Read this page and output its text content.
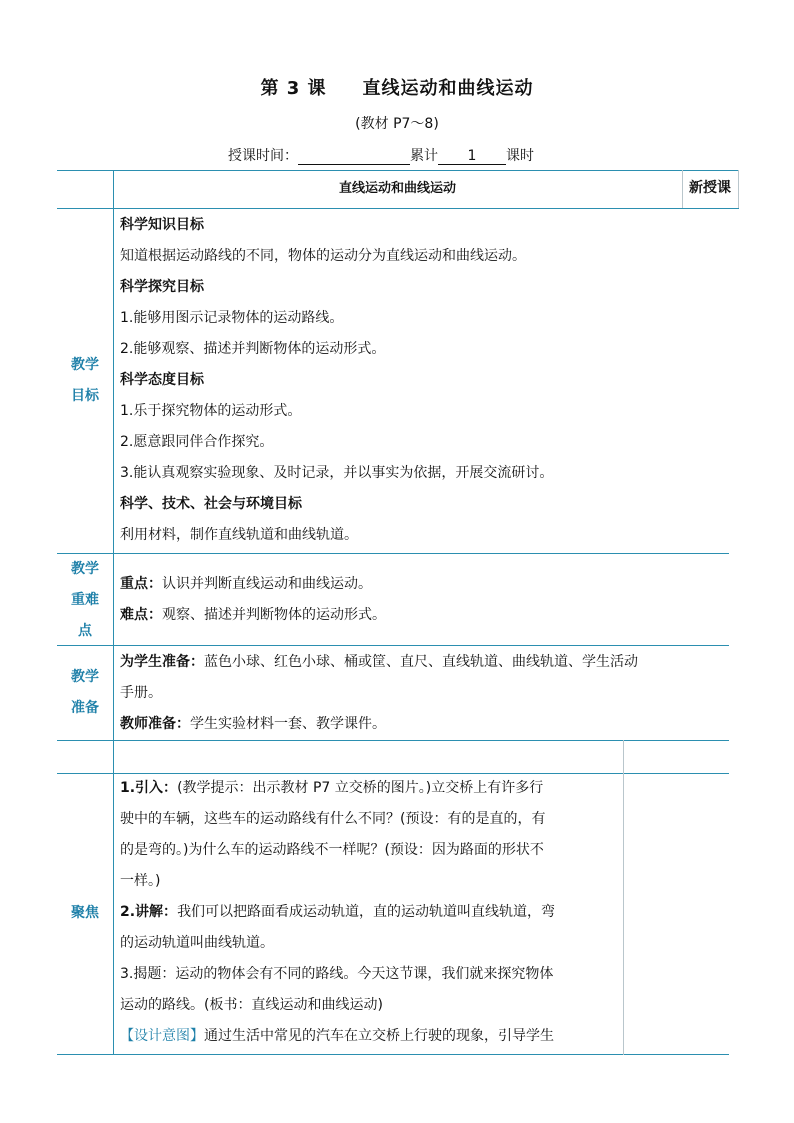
第 3 课 直线运动和曲线运动
(教材 P7～8)
授课时间：	累计 1 课时
直线运动和曲线运动	新授课
教学
目标
科学知识目标
知道根据运动路线的不同，物体的运动分为直线运动和曲线运动。
科学探究目标
1.能够用图示记录物体的运动路线。
2.能够观察、描述并判断物体的运动形式。
科学态度目标
1.乐于探究物体的运动形式。
2.愿意跟同伴合作探究。
3.能认真观察实验现象、及时记录，并以事实为依据，开展交流研讨。
科学、技术、社会与环境目标
利用材料，制作直线轨道和曲线轨道。
教学
重难
点
重点：认识并判断直线运动和曲线运动。
难点：观察、描述并判断物体的运动形式。
教学
准备
为学生准备：蓝色小球、红色小球、桶或筐、直尺、直线轨道、曲线轨道、学生活动
手册。
教师准备：学生实验材料一套、教学课件。
聚焦
1.引入：(教学提示：出示教材 P7 立交桥的图片。)立交桥上有许多行
驶中的车辆，这些车的运动路线有什么不同？(预设：有的是直的，有
的是弯的。)为什么车的运动路线不一样呢？(预设：因为路面的形状不
一样。)
2.讲解：我们可以把路面看成运动轨道，直的运动轨道叫直线轨道，弯
的运动轨道叫曲线轨道。
3.揭题：运动的物体会有不同的路线。今天这节课，我们就来探究物体
运动的路线。(板书：直线运动和曲线运动)
【设计意图】通过生活中常见的汽车在立交桥上行驶的现象，引导学生
